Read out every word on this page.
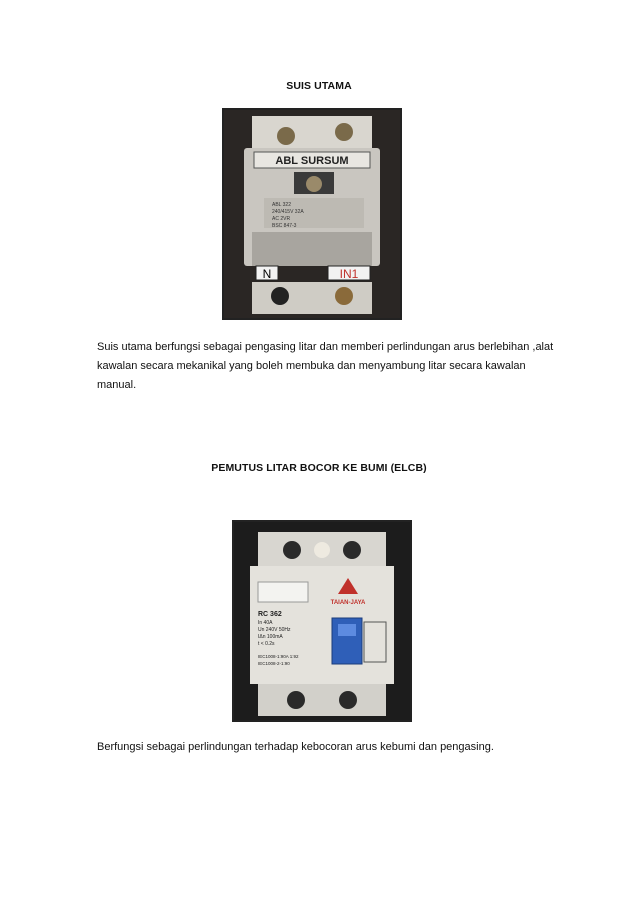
SUIS UTAMA
ABL SURSUM
ABL 322
240/415V 32A
AC 2VR
BSC 847-3
N	IN1
Suis utama berfungsi sebagai pengasing litar dan memberi perlindungan arus berlebihan ,alat kawalan secara mekanikal yang boleh membuka dan menyambung litar secara kawalan manual.
PEMUTUS LITAR BOCOR KE BUMI (ELCB)
TAIAN-JAYA
RC 362
In 40A
Un 240V 50Hz
IΔn 100mA
t < 0.2s
IEC1008-1:90A 1:92
IEC1008-2-1:90
Berfungsi sebagai perlindungan terhadap kebocoran arus kebumi dan pengasing.
